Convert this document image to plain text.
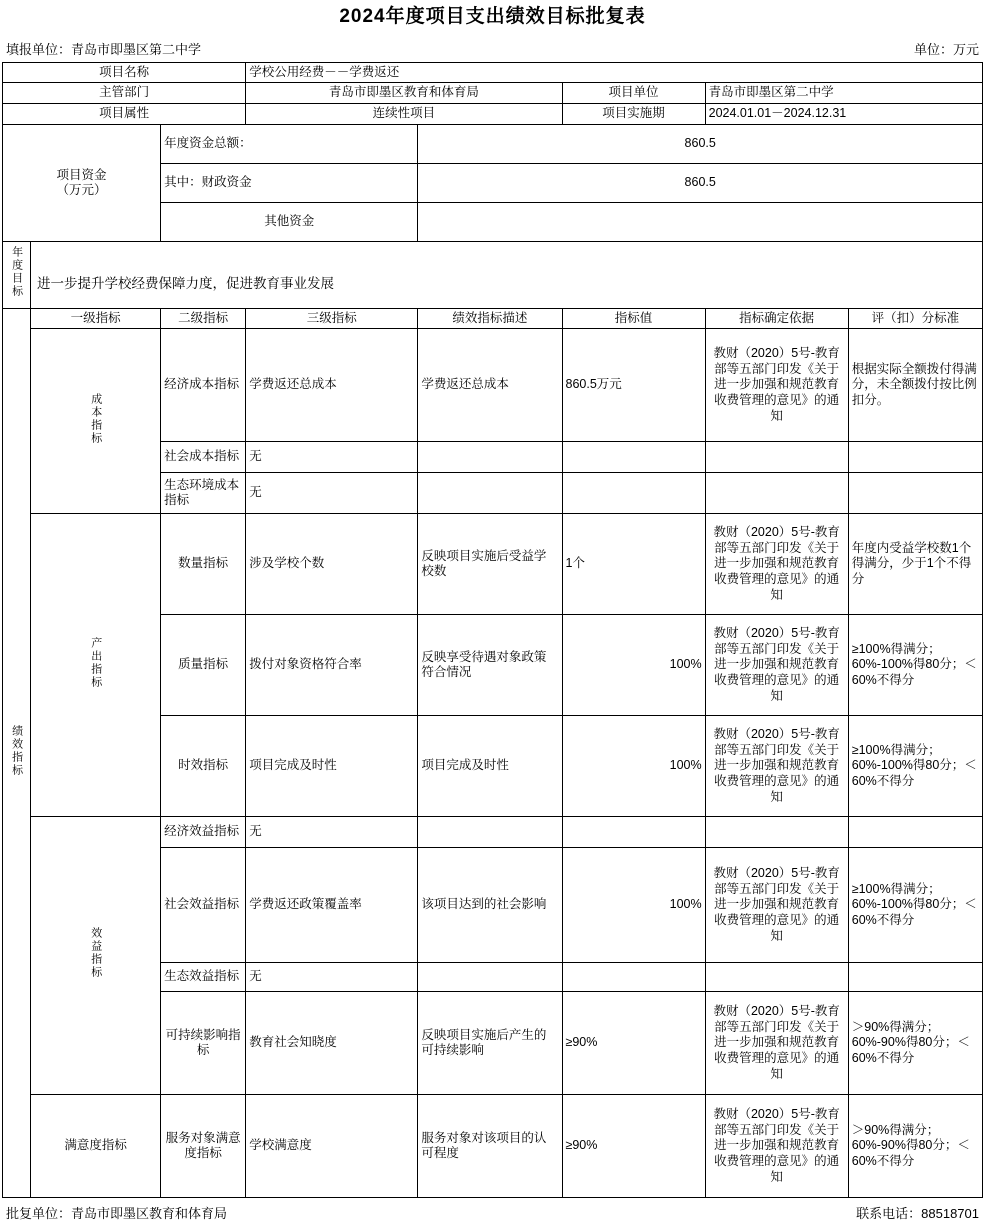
2024年度项目支出绩效目标批复表
填报单位：青岛市即墨区第二中学	单位：万元
项目名称			学校公用经费－－学费返还				
主管部门			青岛市即墨区教育和体育局		项目单位	青岛市即墨区第二中学	
项目属性			连续性项目		项目实施期	2024.01.01－2024.12.31	

项目资金
（万元）		年度资金总额：		860.5			
		其中：财政资金		860.5			
		其他资金					
年度目标	进一步提升学校经费保障力度，促进教育事业发展						
绩效指标	一级指标	二级指标	三级指标	绩效指标描述	指标值	指标确定依据	评（扣）分标准
	成本指标	经济成本指标	学费返还总成本	学费返还总成本	860.5万元	教财（2020）5号-教育部等五部门印发《关于进一步加强和规范教育收费管理的意见》的通知	根据实际全额拨付得满分，未全额拨付按比例扣分。
		社会成本指标	无				
		生态环境成本指标	无				
	产出指标	数量指标	涉及学校个数	反映项目实施后受益学校数	1个	教财（2020）5号-教育部等五部门印发《关于进一步加强和规范教育收费管理的意见》的通知	年度内受益学校数1个得满分，少于1个不得分
		质量指标	拨付对象资格符合率	反映享受待遇对象政策符合情况	100%	教财（2020）5号-教育部等五部门印发《关于进一步加强和规范教育收费管理的意见》的通知	≥100%得满分；60%-100%得80分；＜60%不得分
		时效指标	项目完成及时性	项目完成及时性	100%	教财（2020）5号-教育部等五部门印发《关于进一步加强和规范教育收费管理的意见》的通知	≥100%得满分；60%-100%得80分；＜60%不得分
	效益指标	经济效益指标	无				
		社会效益指标	学费返还政策覆盖率	该项目达到的社会影响	100%	教财（2020）5号-教育部等五部门印发《关于进一步加强和规范教育收费管理的意见》的通知	≥100%得满分；60%-100%得80分；＜60%不得分
		生态效益指标	无				
		可持续影响指标	教育社会知晓度	反映项目实施后产生的可持续影响	≥90%	教财（2020）5号-教育部等五部门印发《关于进一步加强和规范教育收费管理的意见》的通知	＞90%得满分；60%-90%得80分；＜60%不得分
	满意度指标	服务对象满意度指标	学校满意度	服务对象对该项目的认可程度	≥90%	教财（2020）5号-教育部等五部门印发《关于进一步加强和规范教育收费管理的意见》的通知	＞90%得满分；60%-90%得80分；＜60%不得分
批复单位：青岛市即墨区教育和体育局	联系电话：88518701
